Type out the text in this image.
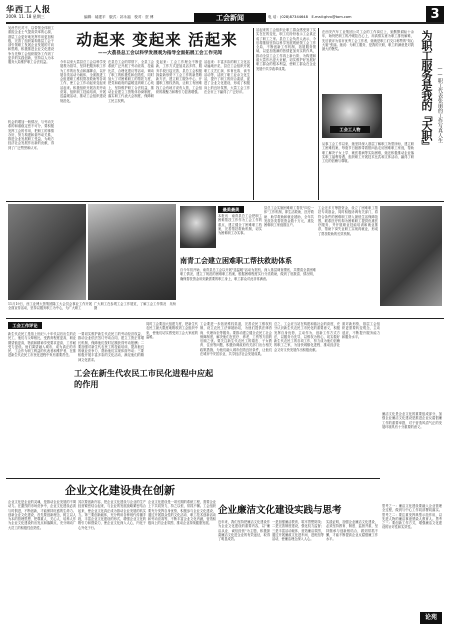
华西工人报
2009. 11. 18 星期三	编辑：郝建平　版式：祁永福　校对：贺 博	工会新闻	电 话：(028)87344648　E-mail:ghrx@tom.com	3
吴丝竹长对不，以带领全体职工重振企业士气提高效率的心源，基层工会更好地发挥作用更加积极，完善了组织架构基层工会干部引领职工发展企业发展的方向和思路，积极推进企业文化建设争当先锋工会组织服务工作到了更多的实践创新，坚持以人为本服务大局维护职工合法权益。
机会的增加一般情况，与劳动关系的和谐稳定密不可分，要积极发挥工会的作用，把职工的事情办好，努力构建和谐劳动关系，推进企业发展职工受益，为地方经济社会发展作出新的贡献，得到了广泛赞誉和认可。
动起来 变起来 活起来
——大荔县总工会以科学发展观为指导全面拓展工会工作见闻
今年以来大荔县总工会以科学发展观为指导，坚持把服务职工作为工作的出发点和落脚点，以开展各类活动为载体，全面推进工会组建职工维权帮扶救助等各项工作，使工会工作动起来变起来活起来。积极组织开展各类劳动竞赛，组织职工技能培训，开展送温暖活动，推动工会组织建设规范化。
在县总工会的带领下，全县工会系统广泛开展了劳动竞赛、技能比武、合理化建议等活动，调动了职工的积极性和创造性，同时加大了对困难职工的帮扶力度，把党和政府的温暖送到职工心坎上，坚持维护职工合法权益，推动企业建立工资集体协商制度，落实职工代表大会制度，保障职工民主权利。
变起来：工会工作理念不断更新，工作方式更加灵活多样，服务手段日趋完善，县总工会积极探索新形势下工会工作的新思路新方法，建立职工服务中心，开通职工维权热线，让职工有困难找工会有地方说有人管，工会组织的凝聚力和吸引力显著增强。
活起来：丰富多彩的职工文化活动遍地开花，县总工会组织开展职工文艺汇演、体育比赛、读书活动等，活跃了职工业余文化生活，提升了职工的综合素质，促进了企业文化建设，形成了积极向上的良好氛围，大荔工会工作在全市上下赢得了广泛好评。
活起来的工会组织让职工群众感受到了实实在在的变化，职工们纷纷表示工会真正成了职工之家。县总工会负责人表示，今后将继续坚持以科学发展观统领工会工作全局，不断创新工作机制，拓展服务领域，以更加饱满的热情更加务实的作风，推动全县工会工作再上新台阶，为构建和谐大荔作出更大贡献，切实维护好发展好职工群众的根本利益，使职工群众在企业发展中共享改革成果。
在西安汽车工业集团公司工会的工作岗位上，她默默耕耘十余年，始终把职工的冷暖挂在心上，用真情实意为职工排忧解难，先后被评为省市优秀工会工作者，她就是职工们交口称赞的"知心大姐"张丽。她说：为职工服务，是我的天职，职工的满意是对我最大的褒奖。
工会工人物
从事工会工作以来，她坚持深入基层了解职工所思所盼，建立职工困难档案，每逢节日她都带着慰问品走访困难职工家庭，帮助职工解决子女上学、就医看病等实际困难，她还积极推动企业落实职工福利待遇，组织职工开展技术比武和文体活动，赢得了职工们的信赖与尊敬。
为职工服务是我的『天职』 ——职工代表张丽的工作写真人生
11月19日，西工业博大资集团隆工大会员会事业工作开展全面宣传活动，坚持以服务职工为中心，为广大职工
广大职工在参观工会工作展览，了解工会工作情况　吴杨 摄
最美最美
本报讯　南青县总工会把职工困难帮扶工作作为工会工作的重点，建立健全了困难职工档案，完善帮扶救助机制，切实为困难职工办实事。
县总工会实施困难职工帮扶"四位一体"工作机制，即生活救助、医疗救助、助学救助和就业援助，全年共发放各类帮扶资金数十万元，惠及困难职工家庭数百户。
南青工会建立困难职工帮扶救助体系
自今年初开始，南青县总工会以开展"送温暖"活动为契机，深入基层调查摸底，共摸清全县困难职工情况，建立了规范的困难职工档案，根据困难程度实行分类救助，做到了底数清、情况明，确保帮扶资金用到最需要的职工身上，职工群众对此非常满意。
工会还多方筹措资金，设立了困难职工帮扶专项基金，同时积极协调有关部门，将符合条件的困难职工纳入最低生活保障范围，联系医疗机构为困难职工提供优惠医疗服务，并开展职业技能培训和就业推荐，帮助下岗失业职工实现再就业，形成了帮扶救助的长效机制。
工会工作评论
新生代农民工是指上世纪八十年代以后出生的农民工，他们与父辈相比，受教育程度更高，职业期望值更高，物质和精神享受要求更高，工作耐受力更低。他们渴望融入城市，成为真正的市民，工会作为职工利益的代表者和维护者，在推进新生代农民工市民化进程中负有重要责任。
一要切实维护新生代农民工的劳动经济权益，推动企业依法签订劳动合同，建立工资正常增长机制，保障他们按时足额获得劳动报酬；二要加强对新生代农民工的技能培训，提高他们的就业竞争力，帮助他们实现体面劳动；三要积极开展丰富多彩的文化活动，满足他们的精神文化需求。
同时工会要加大组建力度，把新生代农民工最大限度地吸收到工会组织中来，使他们切实感受到工会大家庭的温暖。
工会在新生代农民工市民化进程中应起的作用
工会要进一步拓宽维权渠道，完善农民工维权机制，设立农民工法律援助站，为他们提供法律咨询、代理诉讼等服务。要推动建立健全农民工社会保障制度，解决他们在医疗、养老、工伤等方面的后顾之忧。要关注新生代农民工的婚恋、子女教育、住房等问题，积极协调政府有关部门出台相关政策措施，为他们融入城市创造良好条件，让他们在城市中安居乐业，共享经济社会发展成果。
总之，工会应当站在构建和谐社会的高度，充分认识新生代农民工市民化的重要意义，积极发挥自身优势，主动作为，创新工作方式方法，以服务为先导，以维权为核心，切实做好新生代农民工的各项工作，努力成为他们信赖的职工之家，为加快城镇化进程、推动经济社会又好又快发展作出积极贡献。
面对新形势，基层工会组织更需要转变观念，主动适应，不断提升服务能力和服务水平。
廉洁文化是企业文化的重要组成部分，加强企业廉洁文化建设是推进企业反腐倡廉工作的重要举措，对于营造风清气正的发展环境具有十分重要的意义。
企业文化建设贵在创新
企业文化是企业的灵魂，是推动企业发展的不竭动力。在激烈的市场竞争中，企业文化建设必须与时俱进，不断创新，才能保持旺盛的生命力。创新企业文化建设，首先要创新理念，树立以人为本的管理思想，把尊重人、关心人、培养人作为企业文化建设的出发点和落脚点，充分调动广大员工的积极性创造性。
其次要创新内容，把企业文化建设与企业的生产经营紧密结合起来，与企业的发展战略紧密结合起来，使企业文化真正成为推动企业发展的软实力。第三要创新载体，充分利用各种现代传播手段，丰富企业文化建设的形式，增强企业文化的吸引力和感染力，使企业文化深入人心，内化于心外化于行。
企业文化建设是一项长期的系统工程，需要企业上下共同努力，持之以恒，常抓不懈。工会组织要充分发挥自身优势，积极参与企业文化建设，通过开展群众性的文化活动、职工技术创新活动和劳动竞赛等，不断丰富企业文化内涵，营造积极向上的企业氛围，推动企业持续健康发展。
企业廉洁文化建设实践与思考
近年来，我们坚持把廉洁文化建设作为企业文化建设的重要内容，以"廉洁从业、诚信经营"为主题，积极探索廉洁文化进企业的有效途径，取得了明显成效。
一是加强廉洁教育，筑牢思想防线；二是完善制度建设，强化权力监督；三是丰富活动载体，营造廉洁氛围，通过开展廉政文化进车间、进班组等活动，使廉洁理念深入人心。
实践证明，加强企业廉洁文化建设，必须坚持教育、制度、监督并重，坚持继承与创新相结合，做到常抓不懈，才能不断提高企业反腐倡廉工作水平。
思考之一：廉洁文化建设要融入企业管理全过程，做到与中心工作同部署同落实。思考之二：要注重发挥典型示范作用，以先进人物的廉洁事迹感染人教育人。思考之三：要创新工作方式，增强廉洁文化建设的针对性和实效性。
论苑
